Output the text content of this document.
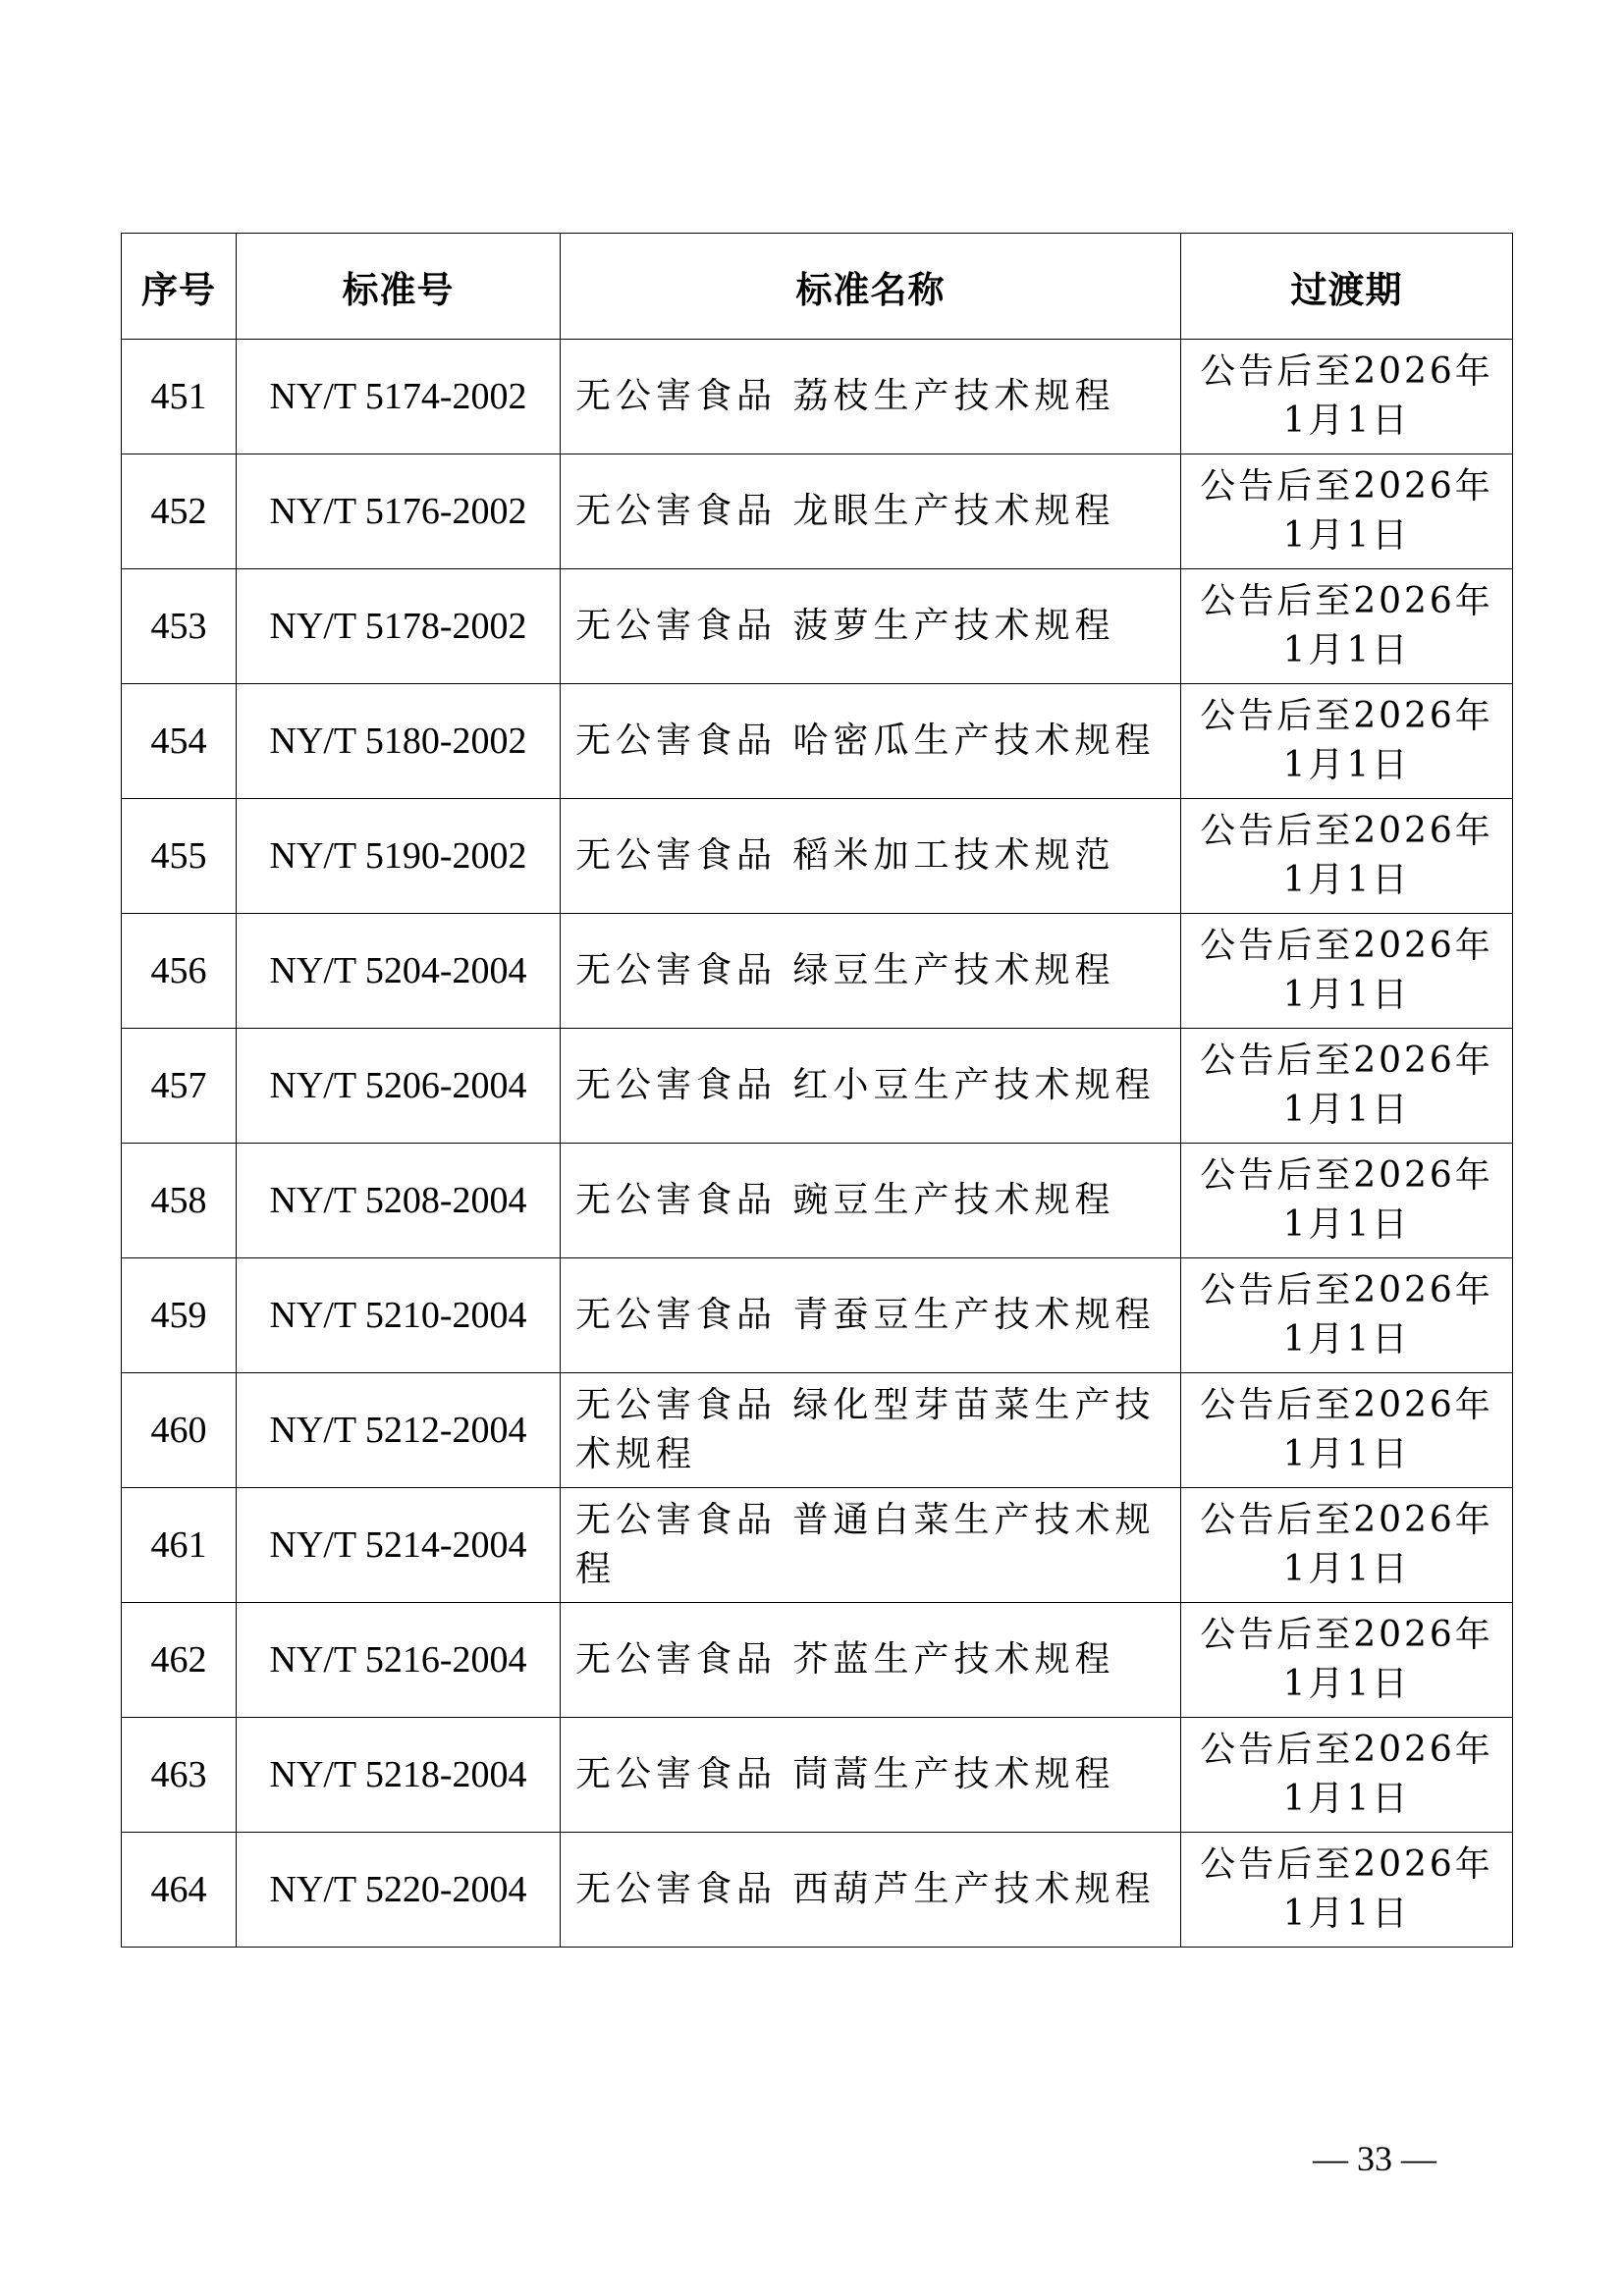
序号	标准号	标准名称	过渡期
451	NY/T 5174-2002	无公害食品 荔枝生产技术规程	公告后至2026年
1月1日

452	NY/T 5176-2002	无公害食品 龙眼生产技术规程	公告后至2026年
1月1日

453	NY/T 5178-2002	无公害食品 菠萝生产技术规程	公告后至2026年
1月1日

454	NY/T 5180-2002	无公害食品 哈密瓜生产技术规程	公告后至2026年
1月1日

455	NY/T 5190-2002	无公害食品 稻米加工技术规范	公告后至2026年
1月1日

456	NY/T 5204-2004	无公害食品 绿豆生产技术规程	公告后至2026年
1月1日

457	NY/T 5206-2004	无公害食品 红小豆生产技术规程	公告后至2026年
1月1日

458	NY/T 5208-2004	无公害食品 豌豆生产技术规程	公告后至2026年
1月1日

459	NY/T 5210-2004	无公害食品 青蚕豆生产技术规程	公告后至2026年
1月1日

460	NY/T 5212-2004	无公害食品 绿化型芽苗菜生产技术规程	公告后至2026年
1月1日

461	NY/T 5214-2004	无公害食品 普通白菜生产技术规程	公告后至2026年
1月1日

462	NY/T 5216-2004	无公害食品 芥蓝生产技术规程	公告后至2026年
1月1日

463	NY/T 5218-2004	无公害食品 茼蒿生产技术规程	公告后至2026年
1月1日

464	NY/T 5220-2004	无公害食品 西葫芦生产技术规程	公告后至2026年
1月1日
— 33 —
